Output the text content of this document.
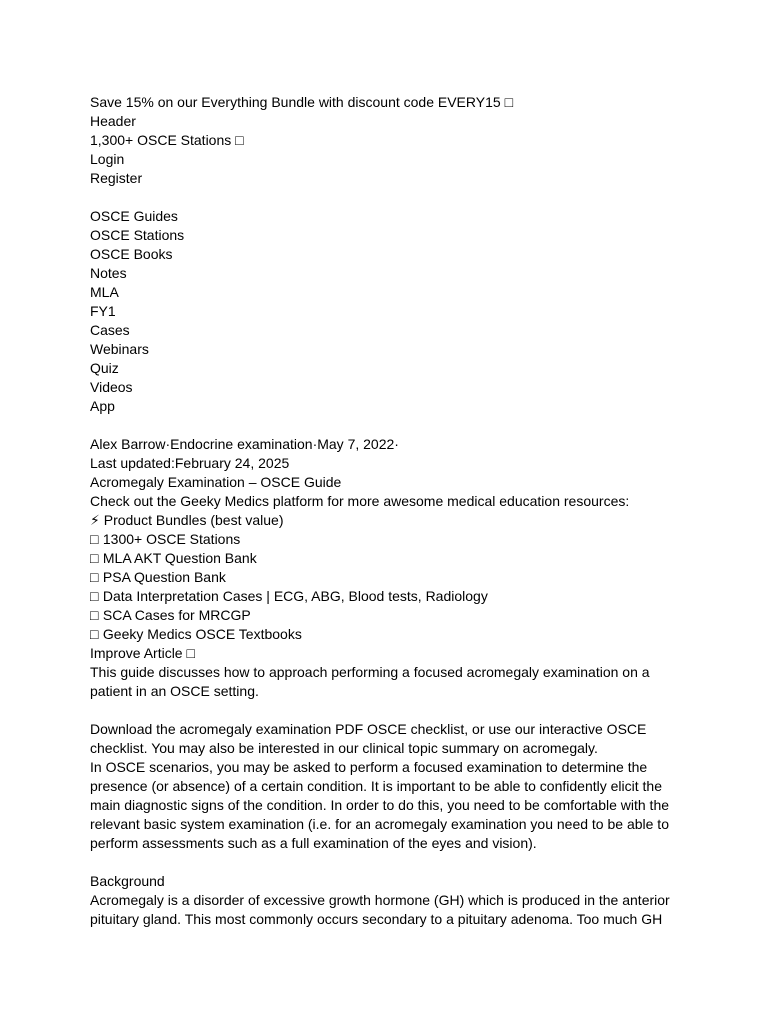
Save 15% on our Everything Bundle with discount code EVERY15 □
Header
1,300+ OSCE Stations □
Login
Register
OSCE Guides
OSCE Stations
OSCE Books
Notes
MLA
FY1
Cases
Webinars
Quiz
Videos
App
Alex Barrow·Endocrine examination·May 7, 2022·
Last updated:February 24, 2025
Acromegaly Examination – OSCE Guide
Check out the Geeky Medics platform for more awesome medical education resources:
⚡ Product Bundles (best value)
□ 1300+ OSCE Stations
□ MLA AKT Question Bank
□ PSA Question Bank
□ Data Interpretation Cases | ECG, ABG, Blood tests, Radiology
□ SCA Cases for MRCGP
□ Geeky Medics OSCE Textbooks
Improve Article □
This guide discusses how to approach performing a focused acromegaly examination on a patient in an OSCE setting.
Download the acromegaly examination PDF OSCE checklist, or use our interactive OSCE checklist. You may also be interested in our clinical topic summary on acromegaly.
In OSCE scenarios, you may be asked to perform a focused examination to determine the presence (or absence) of a certain condition. It is important to be able to confidently elicit the main diagnostic signs of the condition. In order to do this, you need to be comfortable with the relevant basic system examination (i.e. for an acromegaly examination you need to be able to perform assessments such as a full examination of the eyes and vision).
Background
Acromegaly is a disorder of excessive growth hormone (GH) which is produced in the anterior pituitary gland. This most commonly occurs secondary to a pituitary adenoma. Too much GH
